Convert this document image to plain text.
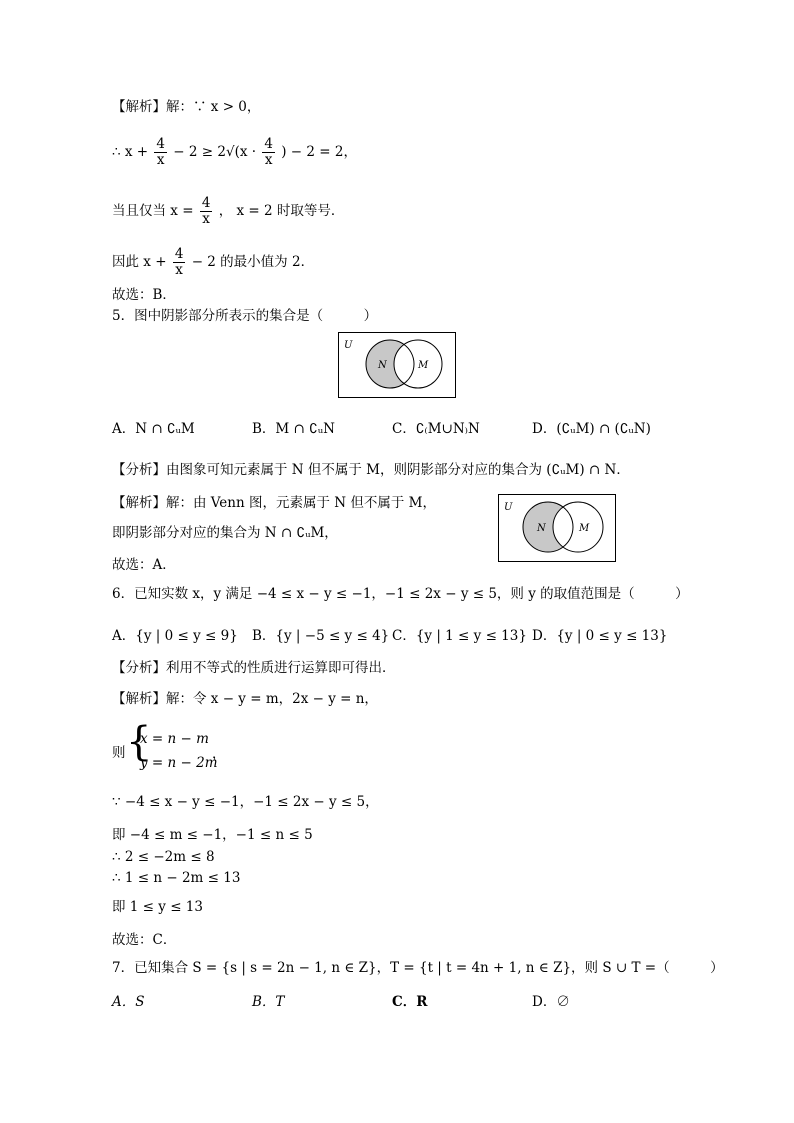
【解析】解：∵ x > 0，
∴ $x + \frac{4}{x} - 2 \ge 2√(x \cdot \frac{4}{x}$ ) − 2 = 2，
当且仅当 $x = \frac{4}{x}$ ， x = 2 时取等号．
因此 $x + \frac{4}{x} - 2$ 的最小值为 2．
故选：B．
5．图中阴影部分所表示的集合是（　　　）
U
N	M
A．N ∩ ∁ᵤM	B．M ∩ ∁ᵤN	C．∁₍M∪N₎N	D．(∁ᵤM) ∩ (∁ᵤN)
【分析】由图象可知元素属于 N 但不属于 M，则阴影部分对应的集合为 (∁ᵤM) ∩ N．
【解析】解：由 Venn 图，元素属于 N 但不属于 M，
即阴影部分对应的集合为 N ∩ ∁ᵤM，
U
N	M
故选：A．
6．已知实数 x，y 满足 −4 ≤ x − y ≤ −1，−1 ≤ 2x − y ≤ 5，则 y 的取值范围是（　　　）
A．{y | 0 ≤ y ≤ 9} B．{y | −5 ≤ y ≤ 4} C．{y | 1 ≤ y ≤ 13} D．{y | 0 ≤ y ≤ 13}
【分析】利用不等式的性质进行运算即可得出．
【解析】解：令 x − y = m，2x − y = n，
则 {
x = n − m
y = n − 2m
，
∵ −4 ≤ x − y ≤ −1，−1 ≤ 2x − y ≤ 5，
即 −4 ≤ m ≤ −1，−1 ≤ n ≤ 5
∴ 2 ≤ −2m ≤ 8
∴ 1 ≤ n − 2m ≤ 13
即 1 ≤ y ≤ 13
故选：C．
7．已知集合 S = {s | s = 2n − 1, n ∈ Z}，T = {t | t = 4n + 1, n ∈ Z}，则 S ∪ T =（　　　）
A．S	B．T	C．R	D．∅
